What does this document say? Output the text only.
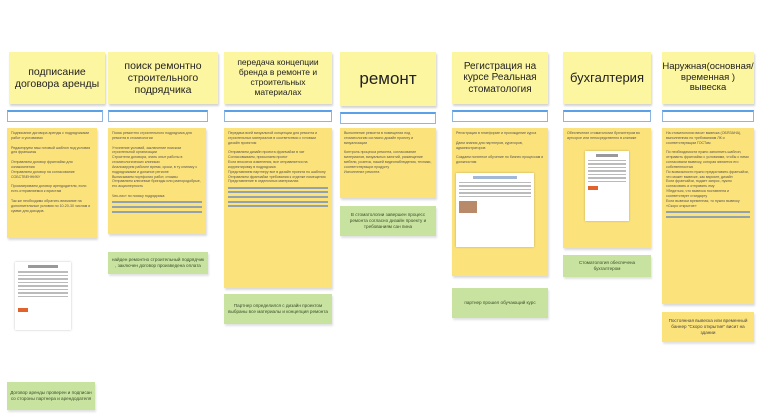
подписание договора аренды
Подписание договора аренды с подрядчиками работ и условиями

Редактируем наш готовый шаблон под условия для франшизы

Отправляем договор франчайзи для ознакомления
Отправляем договор на согласование СОБСТВЕННИКУ

Просматриваем договор арендодателя, если есть отправляемся к юристам

Так же необходимо обратить внимание на дополнительные условия по 10-20-30 числам и сумме для доходов.
Договор аренды проверен и подписан со стороны партнера и арендодателя
поиск ремонтно строительного подрядчика
Поиск ремонтно строительного подрядчика для ремонта в стоматологии

Уточнение условий, заключение поиском строительной организации
Строители договора, знать опыт работы в стоматологических клиниках
Анализируем рабочее время, сроки, в ту клинику с подрядчиками и должное регионе
Выписываем портфолио работ, отзывы
Отправляем ключевые бригады или разнородобрые, его акционерность

Чек-лист по поиску подрядчика:
найден ремонтно строительный подрядчик , заключен договор произведена оплата
передача концепции бренда в ремонте и строительных материалах
Передача всей визуальной концепции для ремонта и строительных материалов в соответствии с готовым дизайн проектом

Отправляем дизайн проекта франчайзи в чат
Согласовываем, присылаем проект
Если вносятся изменения, все отправляется на корректировку в подрядчика
Представляем партнеру все в дизайн проекта по шаблону
Отправляем франчайзи требования к отделке помещения
Представление в отделочных материалах
Партнер определился с дизайн проектом выбраны все материалы и концепция ремонта
ремонт
Выполнение ремонта в помещении под стоматологию согласно дизайн проекту и визуализации

Контроль процесса ремонта, согласование материалов, визуальных занятий, размещение мебели, розеток, нашей видеонаблюдения, техники, соответствующих продукту
Исполнение ремонта
В стоматологии завершен процесс ремонта согласно дизайн проекту и требованиям сан пина
Регистрация на курсе Реальная стоматология
Регистрация в платформе и прохождение курса

Даем знания для партнеров, кураторов, администраторов

Создаем понятное обучение по бизнес процессам и должностям
партнер прошел обучающий курс
бухгалтерия
Обеспечение стоматологии бухгалтером во аутсорсе или непосредственно в клинике
Стоматология обеспечена бухгалтером
Наружная(основная/временная ) вывеска
На стоматологии висит вывеска (ОБЯЗАНА), выполненная по требованиям ЛК и соответствующим ГОСТам

По необходимости нужно заполнить шаблон, отправить франчайзи с условиями, чтобы с ними согласовали вывеску, которая является его собственностью
По возможности нужно предоставить франчайзи, что может вывеске, как вариант, дизайн
Если франчайзи, подает запрос, нужно согласовать и отправить ему
Убедиться, что вывеска поставлена и соответствует стандарту
Если вывески временная, то нужно вывеску «Скоро открытие»
Постоянная вывеска или временный баннер "Скоро открытие" висит на здании
